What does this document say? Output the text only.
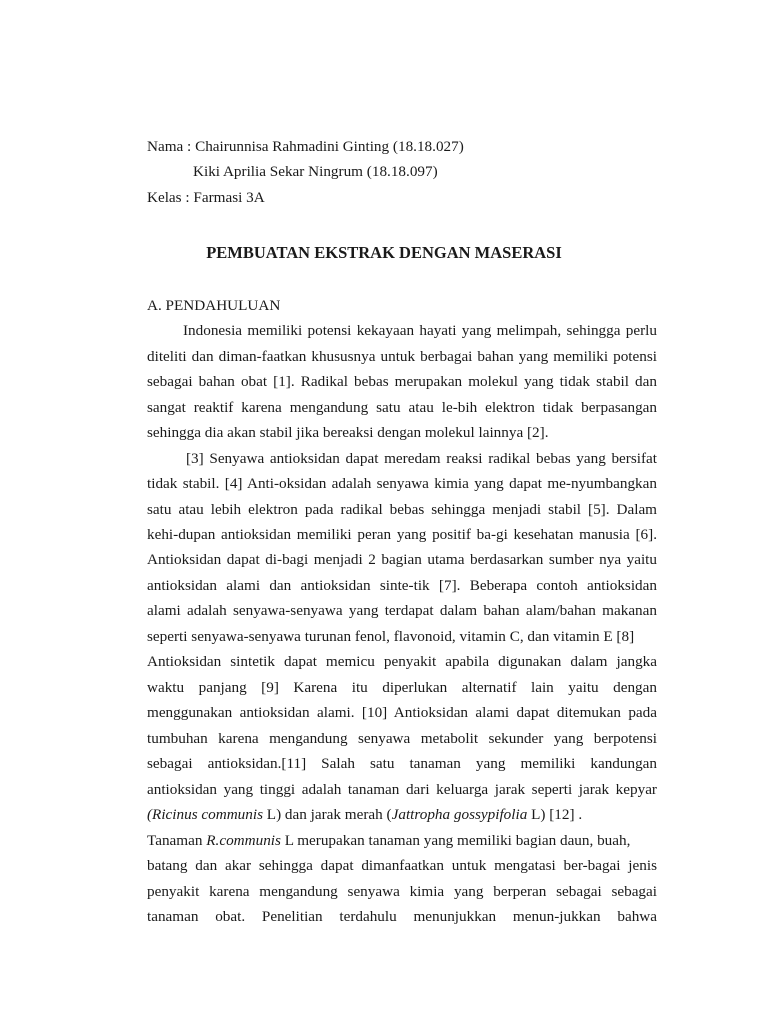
Nama : Chairunnisa Rahmadini Ginting (18.18.027)
Kiki Aprilia Sekar Ningrum (18.18.097)
Kelas : Farmasi 3A
PEMBUATAN EKSTRAK DENGAN MASERASI
A. PENDAHULUAN
Indonesia memiliki potensi kekayaan hayati yang melimpah, sehingga perlu
diteliti dan diman-faatkan khususnya untuk berbagai bahan yang memiliki potensi
sebagai bahan obat [1]. Radikal bebas merupakan molekul yang tidak stabil dan
sangat reaktif karena mengandung satu atau le-bih elektron tidak berpasangan
sehingga dia akan stabil jika bereaksi dengan molekul lainnya [2].
[3] Senyawa antioksidan dapat meredam reaksi radikal bebas yang bersifat
tidak stabil. [4] Anti-oksidan adalah senyawa kimia yang dapat me-nyumbangkan
satu atau lebih elektron pada radikal bebas sehingga menjadi stabil [5]. Dalam
kehi-dupan antioksidan memiliki peran yang positif ba-gi kesehatan manusia [6].
Antioksidan dapat di-bagi menjadi 2 bagian utama berdasarkan sumber nya yaitu
antioksidan alami dan antioksidan sinte-tik [7]. Beberapa contoh antioksidan
alami adalah senyawa-senyawa yang terdapat dalam bahan alam/bahan makanan
seperti senyawa-senyawa turunan fenol, flavonoid, vitamin C, dan vitamin E [8]
Antioksidan sintetik dapat memicu penyakit apabila digunakan dalam jangka
waktu panjang [9] Karena itu diperlukan alternatif lain yaitu dengan
menggunakan antioksidan alami. [10] Antioksidan alami dapat ditemukan pada
tumbuhan karena mengandung senyawa metabolit sekunder yang berpotensi
sebagai antioksidan.[11] Salah satu tanaman yang memiliki kandungan
antioksidan yang tinggi adalah tanaman dari keluarga jarak seperti jarak kepyar
(Ricinus communis L) dan jarak merah (Jattropha gossypifolia L) [12] .
Tanaman R.communis L merupakan tanaman yang memiliki bagian daun, buah,
batang dan akar sehingga dapat dimanfaatkan untuk mengatasi ber-bagai jenis
penyakit karena mengandung senyawa kimia yang berperan sebagai sebagai
tanaman obat. Penelitian terdahulu menunjukkan menun-jukkan bahwa
